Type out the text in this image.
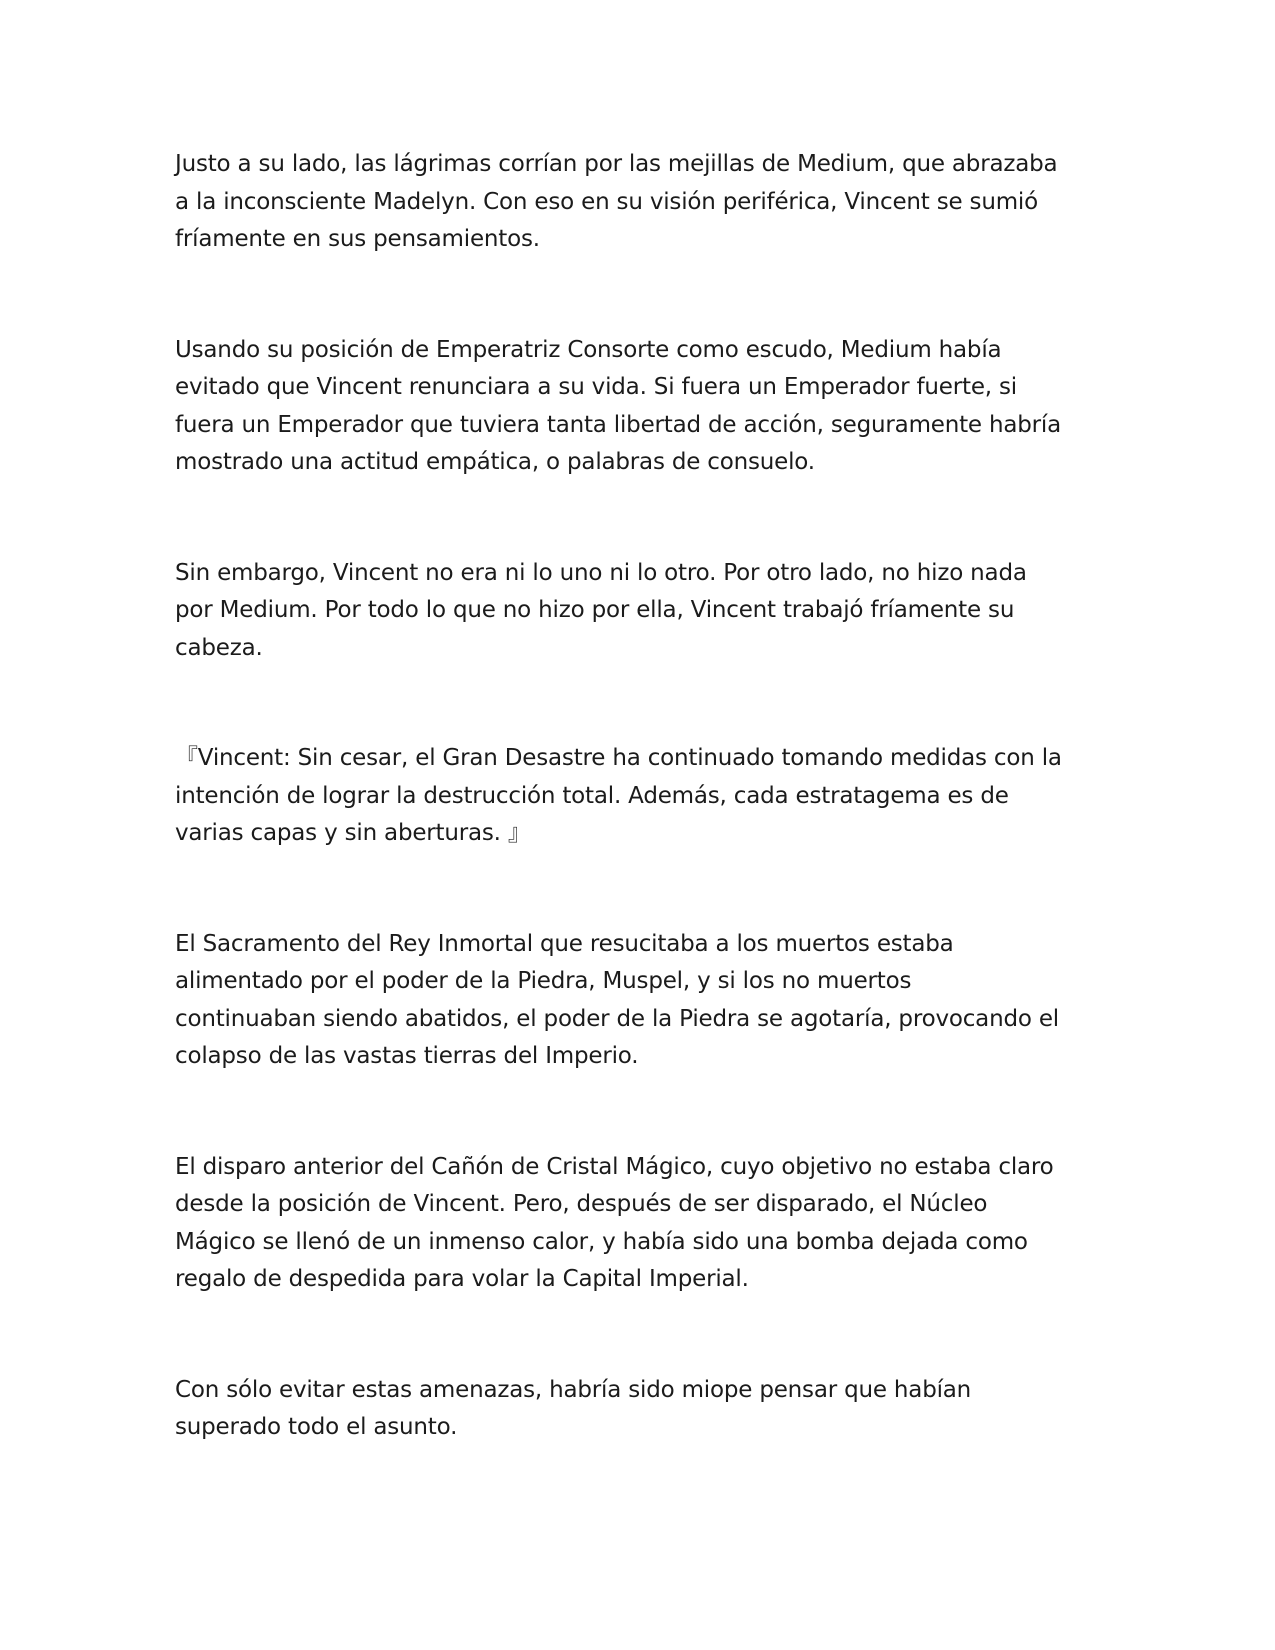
Justo a su lado, las lágrimas corrían por las mejillas de Medium, que abrazaba
a la inconsciente Madelyn. Con eso en su visión periférica, Vincent se sumió
fríamente en sus pensamientos.

Usando su posición de Emperatriz Consorte como escudo, Medium había
evitado que Vincent renunciara a su vida. Si fuera un Emperador fuerte, si
fuera un Emperador que tuviera tanta libertad de acción, seguramente habría
mostrado una actitud empática, o palabras de consuelo.

Sin embargo, Vincent no era ni lo uno ni lo otro. Por otro lado, no hizo nada
por Medium. Por todo lo que no hizo por ella, Vincent trabajó fríamente su
cabeza.

『Vincent: Sin cesar, el Gran Desastre ha continuado tomando medidas con la
intención de lograr la destrucción total. Además, cada estratagema es de
varias capas y sin aberturas. 』

El Sacramento del Rey Inmortal que resucitaba a los muertos estaba
alimentado por el poder de la Piedra, Muspel, y si los no muertos
continuaban siendo abatidos, el poder de la Piedra se agotaría, provocando el
colapso de las vastas tierras del Imperio.

El disparo anterior del Cañón de Cristal Mágico, cuyo objetivo no estaba claro
desde la posición de Vincent. Pero, después de ser disparado, el Núcleo
Mágico se llenó de un inmenso calor, y había sido una bomba dejada como
regalo de despedida para volar la Capital Imperial.

Con sólo evitar estas amenazas, habría sido miope pensar que habían
superado todo el asunto.
